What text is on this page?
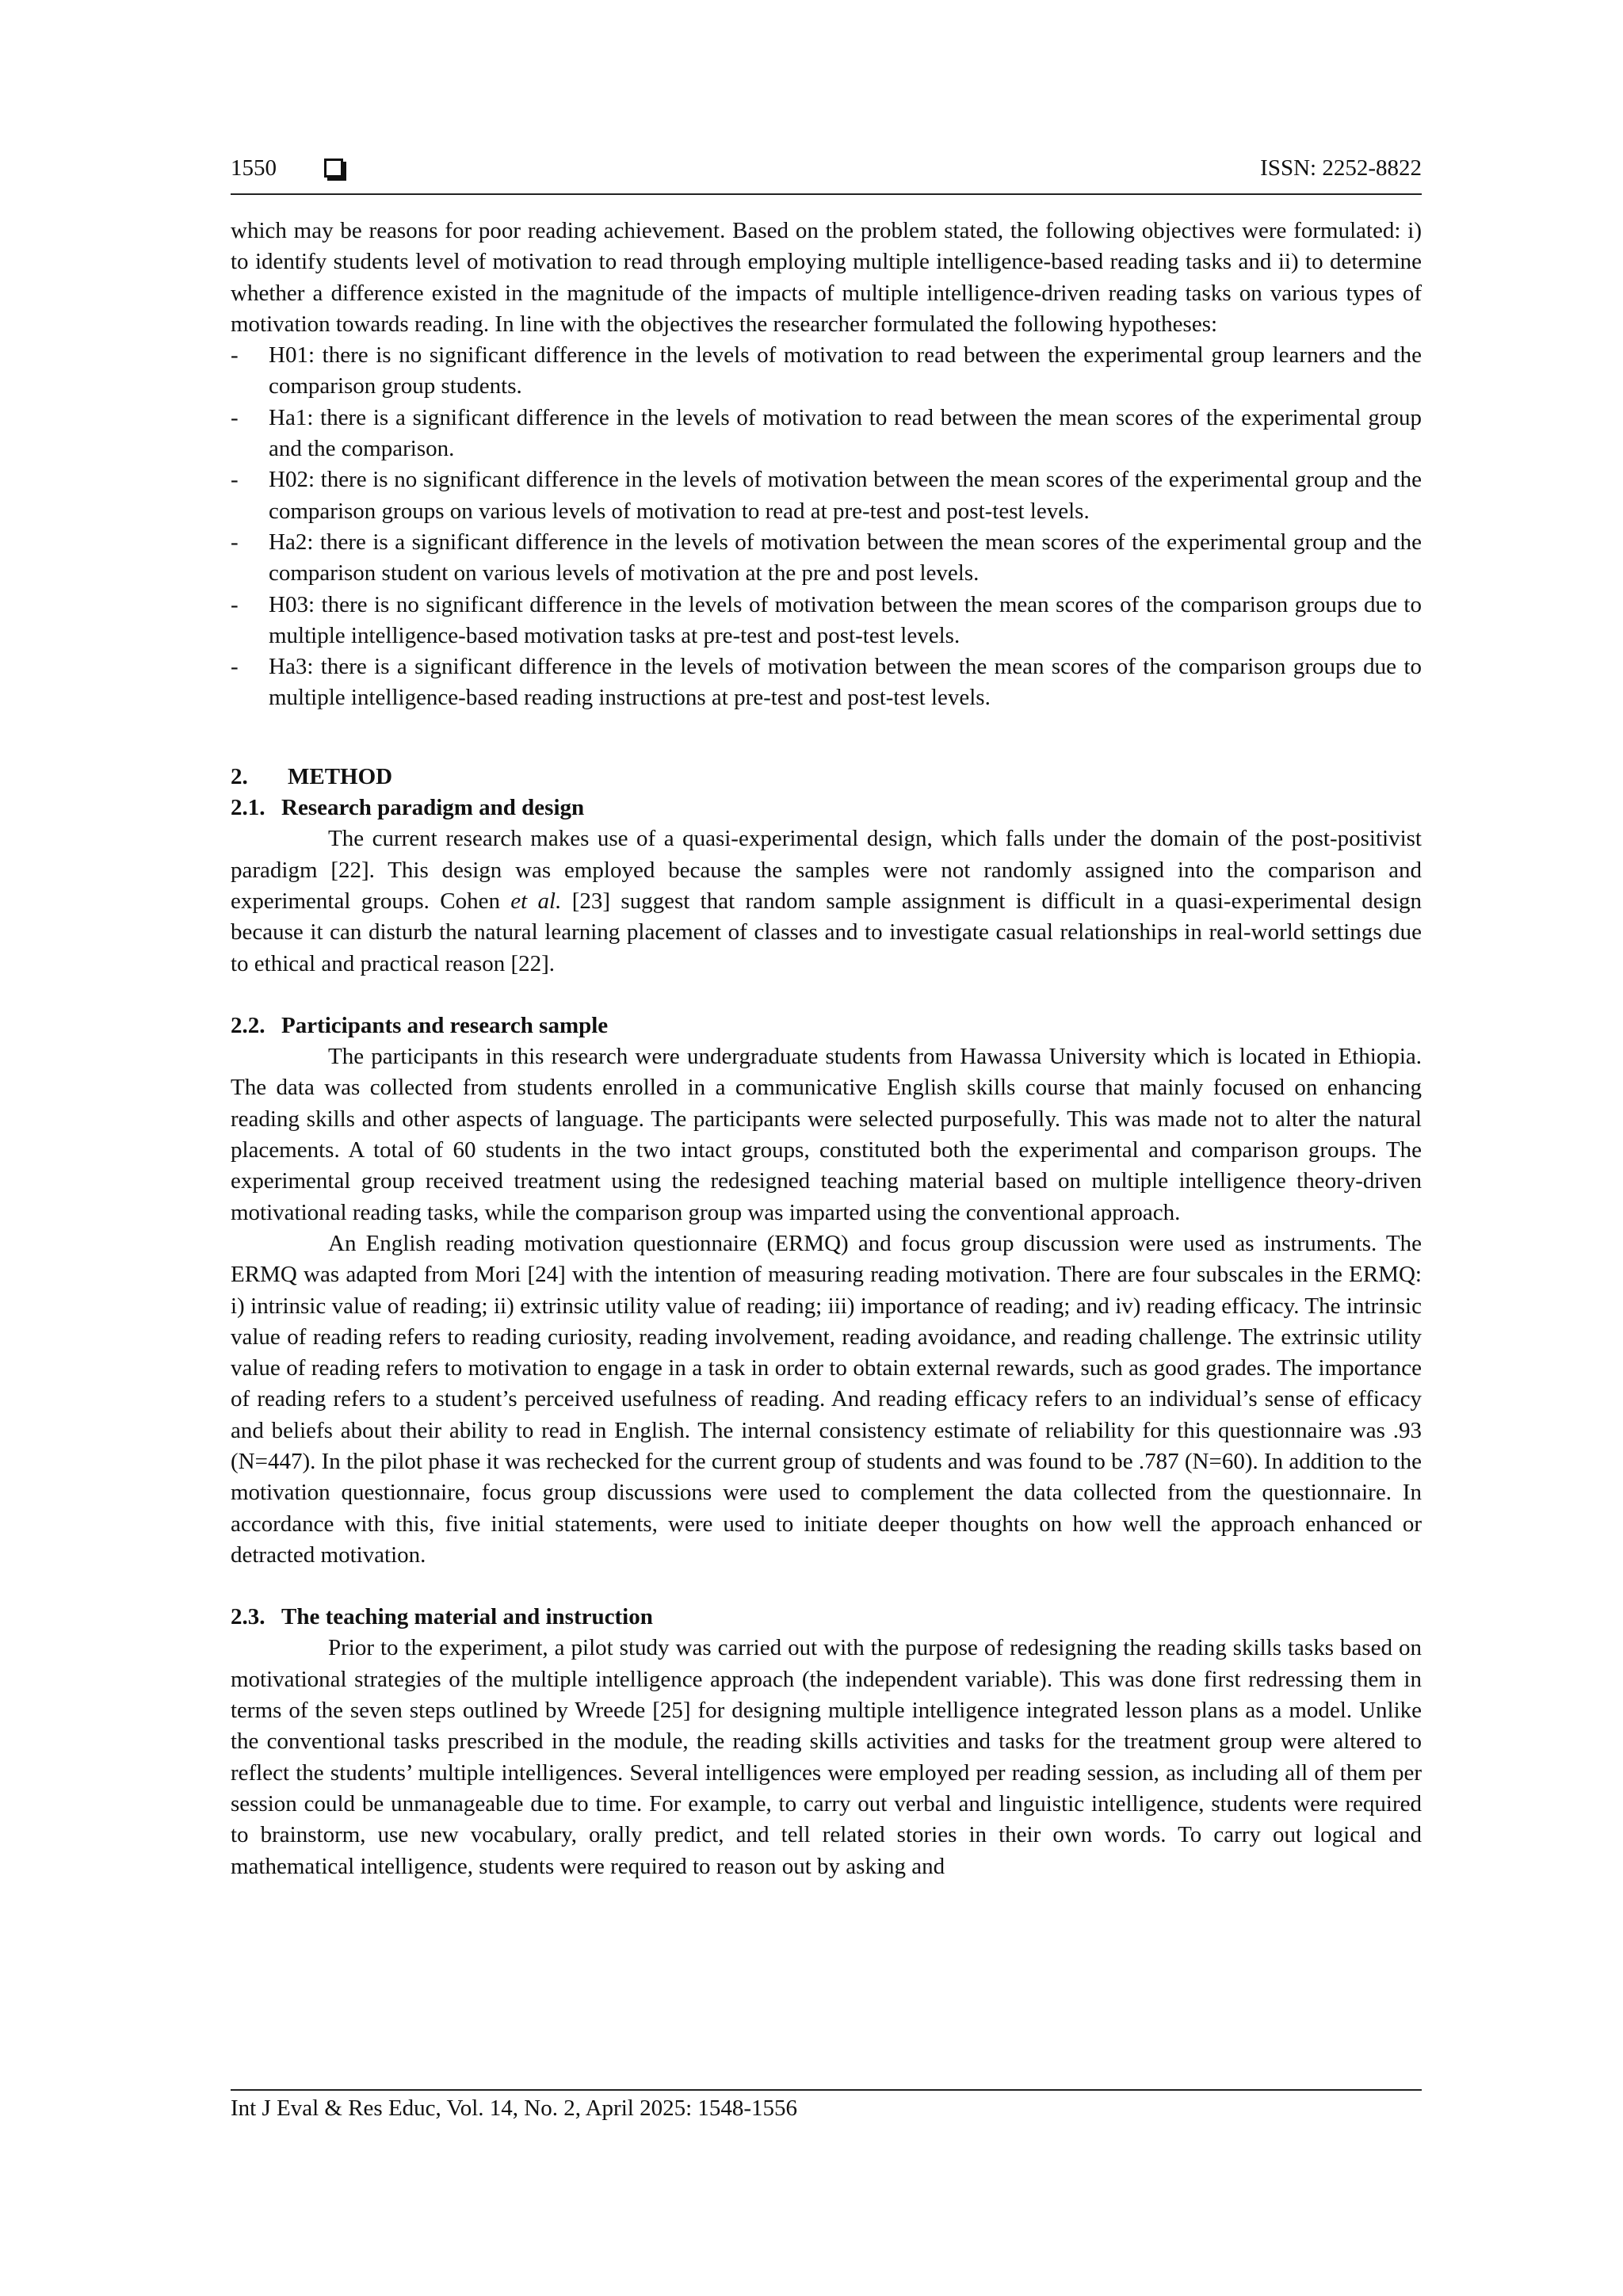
1550	ISSN: 2252-8822

which may be reasons for poor reading achievement. Based on the problem stated, the following objectives were formulated: i) to identify students level of motivation to read through employing multiple intelligence-based reading tasks and ii) to determine whether a difference existed in the magnitude of the impacts of multiple intelligence-driven reading tasks on various types of motivation towards reading. In line with the objectives the researcher formulated the following hypotheses:

- H01: there is no significant difference in the levels of motivation to read between the experimental group learners and the comparison group students.
- Ha1: there is a significant difference in the levels of motivation to read between the mean scores of the experimental group and the comparison.
- H02: there is no significant difference in the levels of motivation between the mean scores of the experimental group and the comparison groups on various levels of motivation to read at pre-test and post-test levels.
- Ha2: there is a significant difference in the levels of motivation between the mean scores of the experimental group and the comparison student on various levels of motivation at the pre and post levels.
- H03: there is no significant difference in the levels of motivation between the mean scores of the comparison groups due to multiple intelligence-based motivation tasks at pre-test and post-test levels.
- Ha3: there is a significant difference in the levels of motivation between the mean scores of the comparison groups due to multiple intelligence-based reading instructions at pre-test and post-test levels.
2. METHOD
2.1. Research paradigm and design

The current research makes use of a quasi-experimental design, which falls under the domain of the post-positivist paradigm [22]. This design was employed because the samples were not randomly assigned into the comparison and experimental groups. Cohen et al. [23] suggest that random sample assignment is difficult in a quasi-experimental design because it can disturb the natural learning placement of classes and to investigate casual relationships in real-world settings due to ethical and practical reason [22].

2.2. Participants and research sample

The participants in this research were undergraduate students from Hawassa University which is located in Ethiopia. The data was collected from students enrolled in a communicative English skills course that mainly focused on enhancing reading skills and other aspects of language. The participants were selected purposefully. This was made not to alter the natural placements. A total of 60 students in the two intact groups, constituted both the experimental and comparison groups. The experimental group received treatment using the redesigned teaching material based on multiple intelligence theory-driven motivational reading tasks, while the comparison group was imparted using the conventional approach.

An English reading motivation questionnaire (ERMQ) and focus group discussion were used as instruments. The ERMQ was adapted from Mori [24] with the intention of measuring reading motivation. There are four subscales in the ERMQ: i) intrinsic value of reading; ii) extrinsic utility value of reading; iii) importance of reading; and iv) reading efficacy. The intrinsic value of reading refers to reading curiosity, reading involvement, reading avoidance, and reading challenge. The extrinsic utility value of reading refers to motivation to engage in a task in order to obtain external rewards, such as good grades. The importance of reading refers to a student’s perceived usefulness of reading. And reading efficacy refers to an individual’s sense of efficacy and beliefs about their ability to read in English. The internal consistency estimate of reliability for this questionnaire was .93 (N=447). In the pilot phase it was rechecked for the current group of students and was found to be .787 (N=60). In addition to the motivation questionnaire, focus group discussions were used to complement the data collected from the questionnaire. In accordance with this, five initial statements, were used to initiate deeper thoughts on how well the approach enhanced or detracted motivation.

2.3. The teaching material and instruction

Prior to the experiment, a pilot study was carried out with the purpose of redesigning the reading skills tasks based on motivational strategies of the multiple intelligence approach (the independent variable). This was done first redressing them in terms of the seven steps outlined by Wreede [25] for designing multiple intelligence integrated lesson plans as a model. Unlike the conventional tasks prescribed in the module, the reading skills activities and tasks for the treatment group were altered to reflect the students’ multiple intelligences. Several intelligences were employed per reading session, as including all of them per session could be unmanageable due to time. For example, to carry out verbal and linguistic intelligence, students were required to brainstorm, use new vocabulary, orally predict, and tell related stories in their own words. To carry out logical and mathematical intelligence, students were required to reason out by asking and

Int J Eval & Res Educ, Vol. 14, No. 2, April 2025: 1548-1556
